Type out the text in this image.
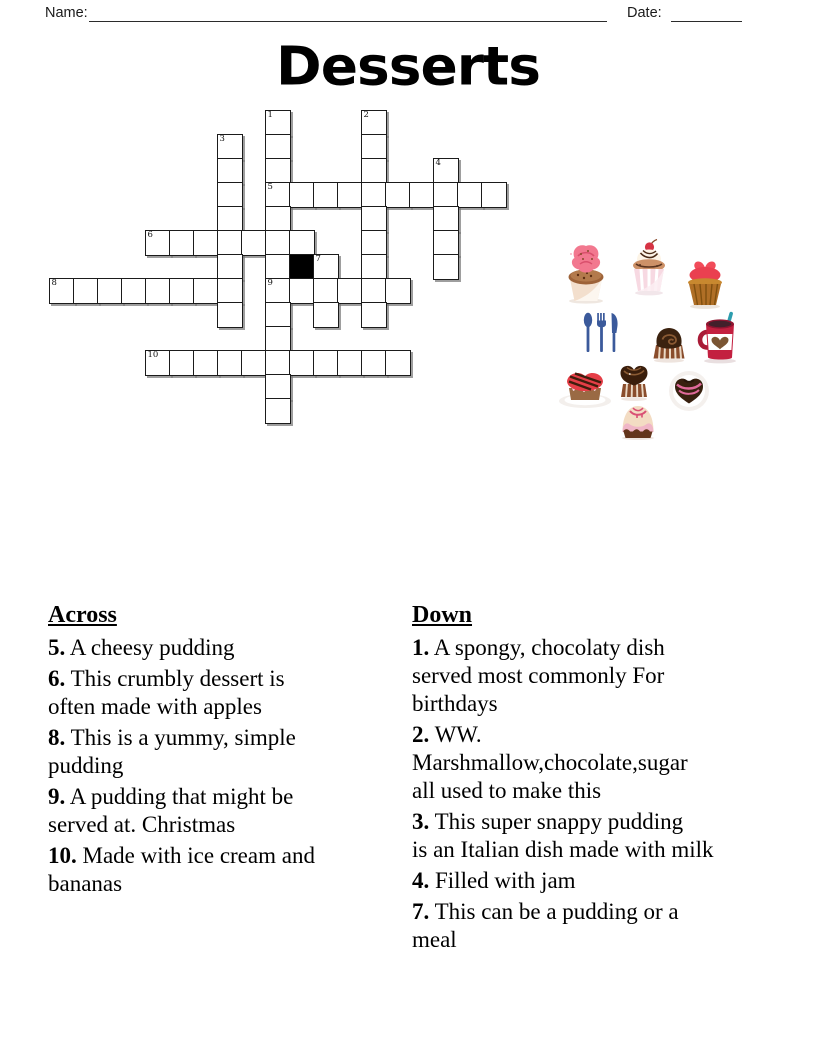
Name:	Date:
Desserts
1	2
3
4
5
6
7
8	9
10
Across
5. A cheesy pudding
6. This crumbly dessert is
often made with apples
8. This is a yummy, simple
pudding
9. A pudding that might be
served at. Christmas
10. Made with ice cream and
bananas
Down
1. A spongy, chocolaty dish
served most commonly For
birthdays
2. WW.
Marshmallow,chocolate,sugar
all used to make this
3. This super snappy pudding
is an Italian dish made with milk
4. Filled with jam
7. This can be a pudding or a
meal
